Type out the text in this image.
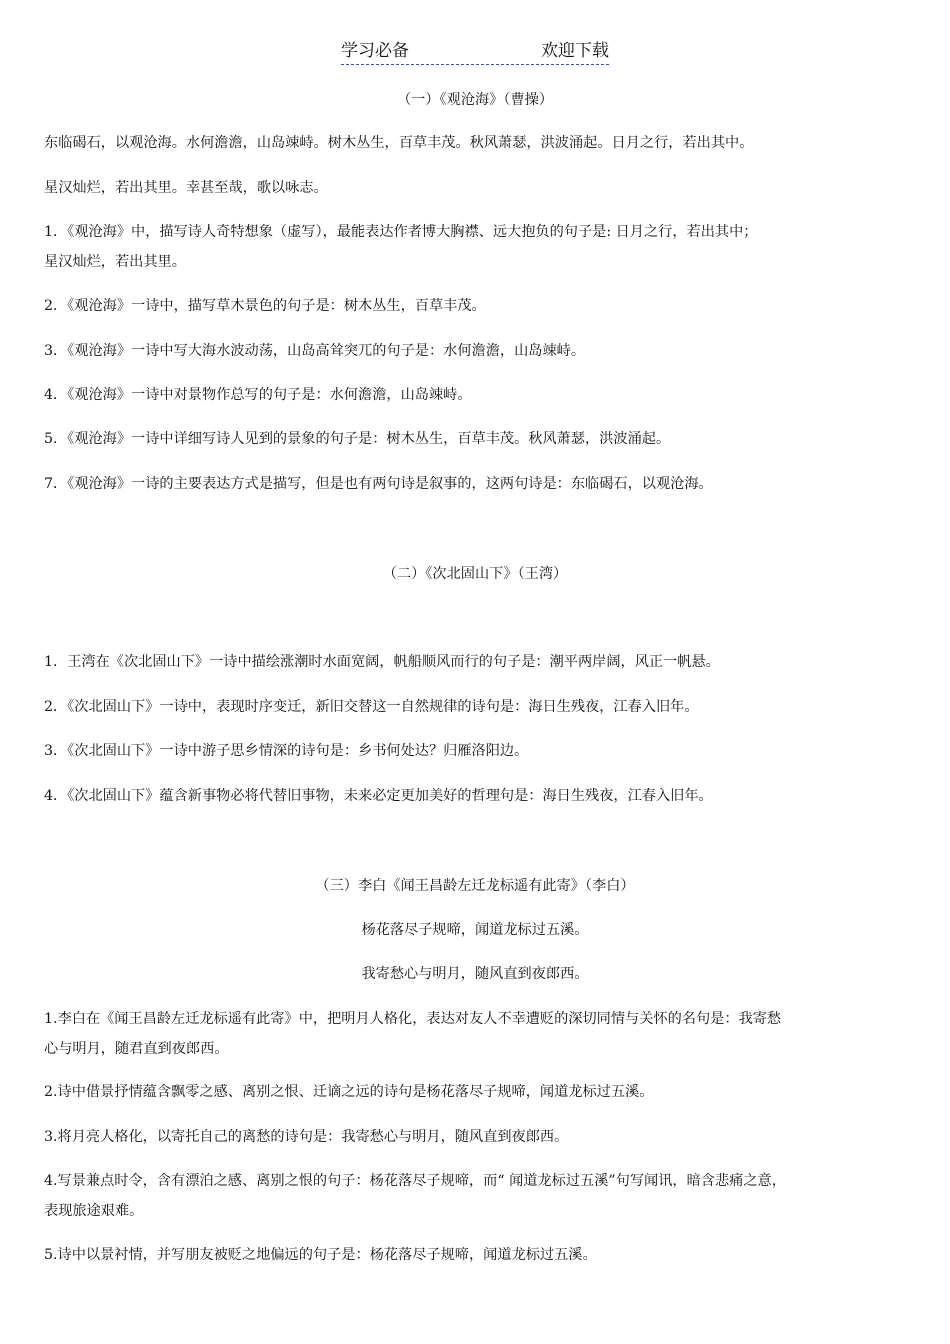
学习必备	欢迎下载
（一）《观沧海》（曹操）
东临碣石，以观沧海。水何澹澹，山岛竦峙。树木丛生，百草丰茂。秋风萧瑟，洪波涌起。日月之行，若出其中。
星汉灿烂，若出其里。幸甚至哉，歌以咏志。
1．《观沧海》中，描写诗人奇特想象（虚写），最能表达作者博大胸襟、远大抱负的句子是: 日月之行，若出其中；
星汉灿烂，若出其里。
2．《观沧海》一诗中，描写草木景色的句子是：树木丛生，百草丰茂。
3．《观沧海》一诗中写大海水波动荡，山岛高耸突兀的句子是：水何澹澹，山岛竦峙。
4．《观沧海》一诗中对景物作总写的句子是：水何澹澹，山岛竦峙。
5．《观沧海》一诗中详细写诗人见到的景象的句子是：树木丛生，百草丰茂。秋风萧瑟，洪波涌起。
7．《观沧海》一诗的主要表达方式是描写，但是也有两句诗是叙事的，这两句诗是：东临碣石，以观沧海。
（二）《次北固山下》（王湾）
1．王湾在《次北固山下》一诗中描绘涨潮时水面宽阔，帆船顺风而行的句子是：潮平两岸阔，风正一帆悬。
2．《次北固山下》一诗中，表现时序变迁，新旧交替这一自然规律的诗句是：海日生残夜，江春入旧年。
3．《次北固山下》一诗中游子思乡情深的诗句是：乡书何处达？归雁洛阳边。
4．《次北固山下》蕴含新事物必将代替旧事物，未来必定更加美好的哲理句是：海日生残夜，江春入旧年。
（三）李白《闻王昌龄左迁龙标遥有此寄》（李白）
杨花落尽子规啼，闻道龙标过五溪。
我寄愁心与明月，随风直到夜郎西。
1.李白在《闻王昌龄左迁龙标遥有此寄》中，把明月人格化，表达对友人不幸遭贬的深切同情与关怀的名句是：我寄愁
心与明月，随君直到夜郎西。
2.诗中借景抒情蕴含飘零之感、离别之恨、迁谪之远的诗句是杨花落尽子规啼，闻道龙标过五溪。
3.将月亮人格化，以寄托自己的离愁的诗句是：我寄愁心与明月，随风直到夜郎西。
4.写景兼点时令，含有漂泊之感、离别之恨的句子：杨花落尽子规啼，而“ 闻道龙标过五溪”句写闻讯，暗含悲痛之意，
表现旅途艰难。
5.诗中以景衬情，并写朋友被贬之地偏远的句子是：杨花落尽子规啼，闻道龙标过五溪。
